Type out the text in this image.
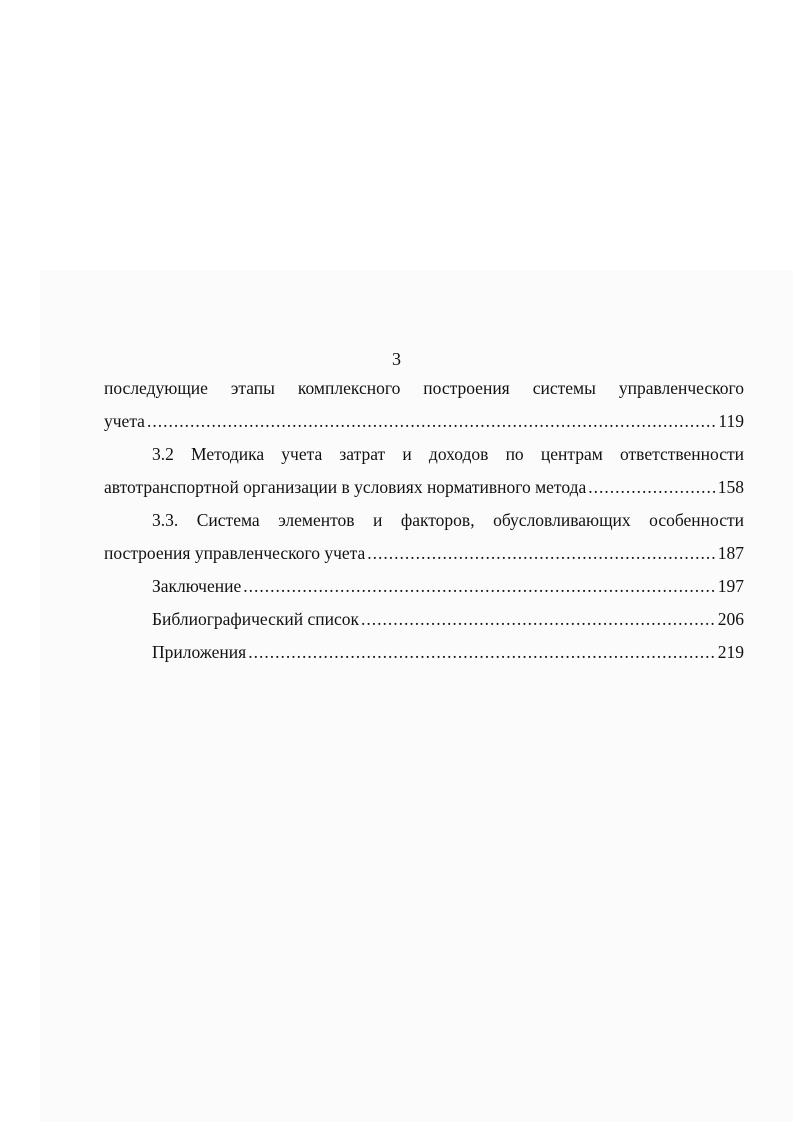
3
последующие этапы комплексного построения системы управленческого
учета .....	119
3.2 Методика учета затрат и доходов по центрам ответственности
автотранспортной организации в условиях нормативного метода .....	158
3.3. Система элементов и факторов, обусловливающих особенности
построения управленческого учета .....	187
Заключение .....	197
Библиографический список .....	206
Приложения .....	219
